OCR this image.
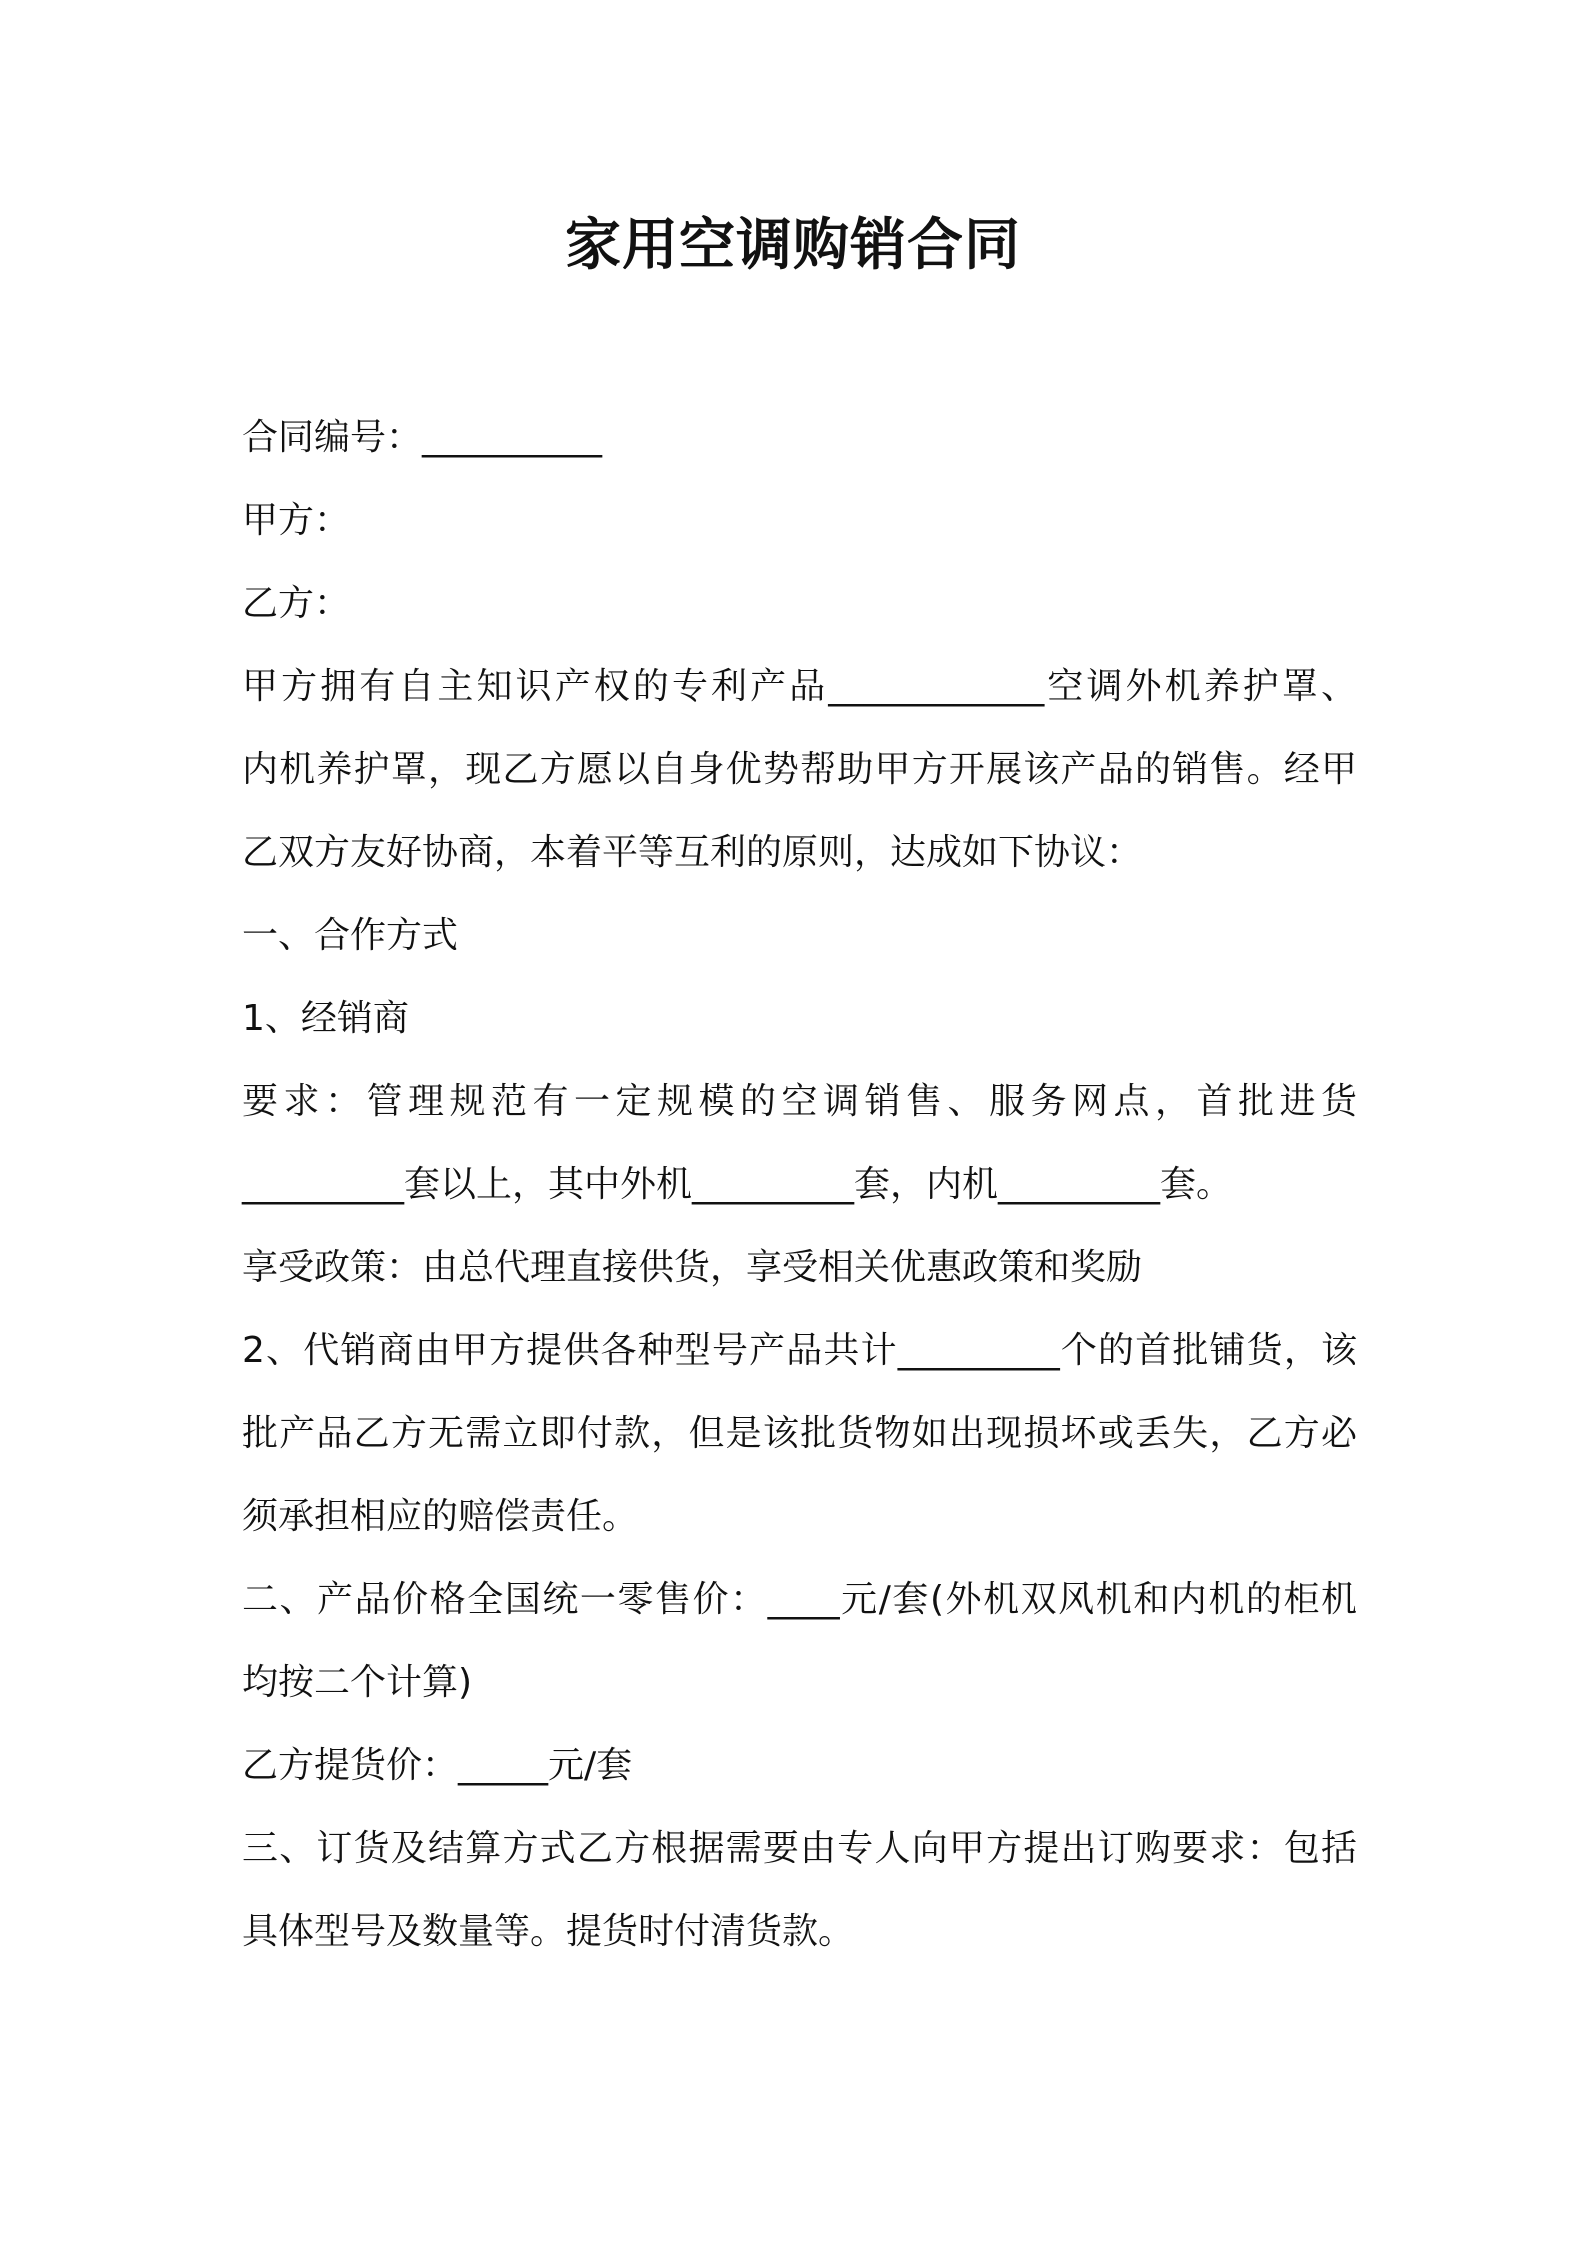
家用空调购销合同

合同编号：__________

甲方：

乙方：

甲方拥有自主知识产权的专利产品____________空调外机养护罩、

内机养护罩，现乙方愿以自身优势帮助甲方开展该产品的销售。经甲

乙双方友好协商，本着平等互利的原则，达成如下协议：

一、合作方式

1、经销商

要求：管理规范有一定规模的空调销售、服务网点，首批进货

_________套以上，其中外机_________套，内机_________套。

享受政策：由总代理直接供货，享受相关优惠政策和奖励

2、代销商由甲方提供各种型号产品共计_________个的首批铺货，该

批产品乙方无需立即付款，但是该批货物如出现损坏或丢失，乙方必

须承担相应的赔偿责任。

二、产品价格全国统一零售价：____元/套(外机双风机和内机的柜机

均按二个计算)

乙方提货价：_____元/套

三、订货及结算方式乙方根据需要由专人向甲方提出订购要求：包括

具体型号及数量等。提货时付清货款。
